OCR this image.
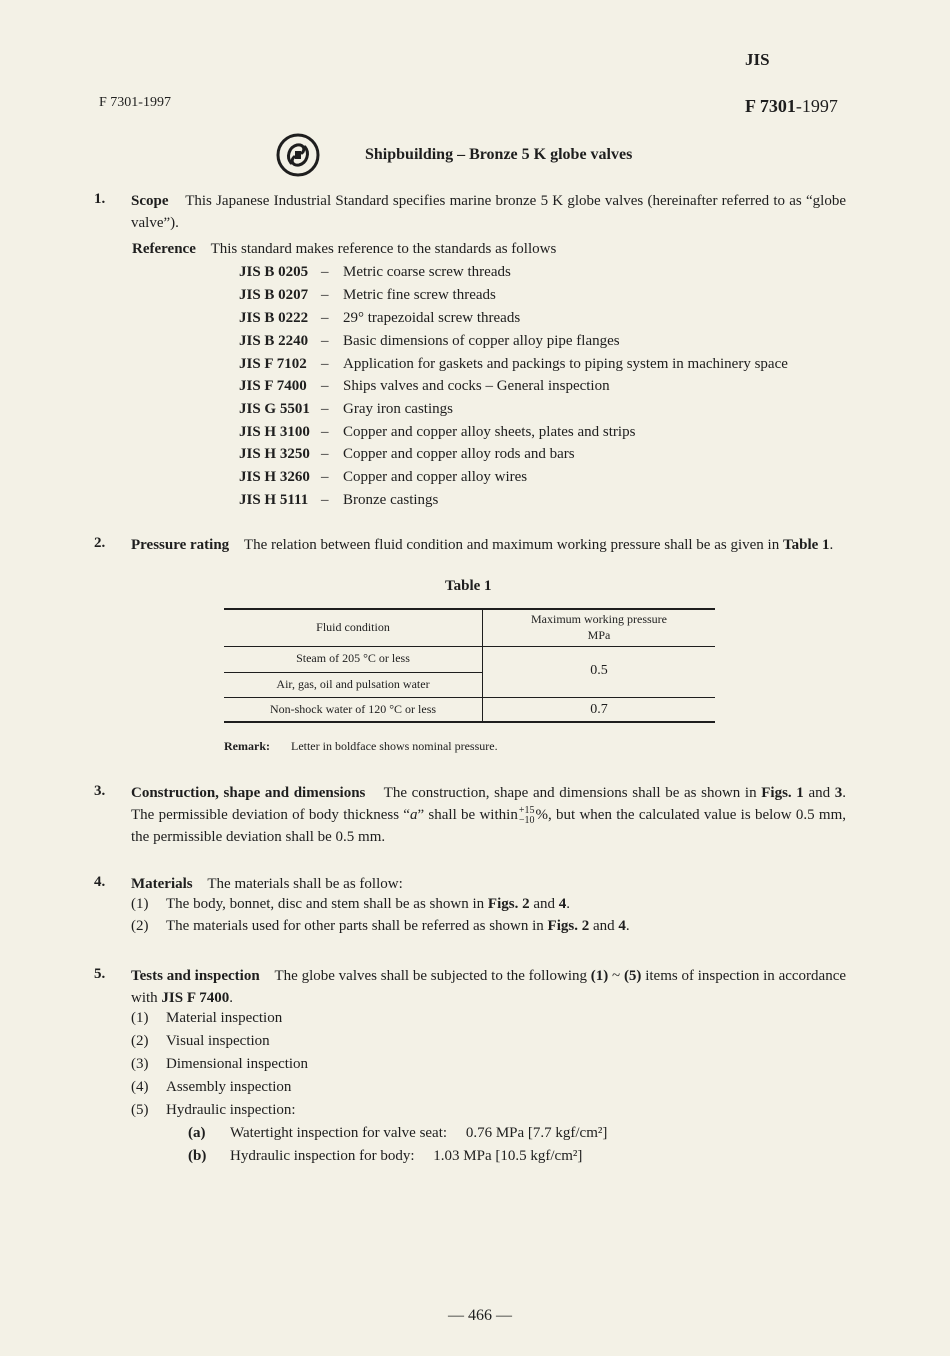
JIS
F 7301-1997	F 7301-1997
Shipbuilding – Bronze 5 K globe valves
1. Scope This Japanese Industrial Standard specifies marine bronze 5 K globe valves (hereinafter referred to as “globe valve”).
Reference This standard makes reference to the standards as follows
JIS B 0205 – Metric coarse screw threads
JIS B 0207 – Metric fine screw threads
JIS B 0222 – 29° trapezoidal screw threads
JIS B 2240 – Basic dimensions of copper alloy pipe flanges
JIS F 7102 – Application for gaskets and packings to piping system in machinery space
JIS F 7400 – Ships valves and cocks – General inspection
JIS G 5501 – Gray iron castings
JIS H 3100 – Copper and copper alloy sheets, plates and strips
JIS H 3250 – Copper and copper alloy rods and bars
JIS H 3260 – Copper and copper alloy wires
JIS H 5111 – Bronze castings
2. Pressure rating The relation between fluid condition and maximum working pressure shall be as given in Table 1.
Table 1
Fluid condition
Maximum working pressure
MPa
Steam of 205 °C or less
0.5
Air, gas, oil and pulsation water
Non-shock water of 120 °C or less	0.7
Remark: Letter in boldface shows nominal pressure.
3. Construction, shape and dimensions The construction, shape and dimensions shall be as shown in Figs. 1 and 3. The permissible deviation of body thickness “a” shall be within+15
−10%, but when the calculated value is below 0.5 mm, the permissible deviation shall be 0.5 mm.
4. Materials The materials shall be as follow:
(1) The body, bonnet, disc and stem shall be as shown in Figs. 2 and 4.
(2) The materials used for other parts shall be referred as shown in Figs. 2 and 4.
5. Tests and inspection The globe valves shall be subjected to the following (1) ~ (5) items of inspection in accordance with JIS F 7400.
(1) Material inspection
(2) Visual inspection
(3) Dimensional inspection
(4) Assembly inspection
(5) Hydraulic inspection:
(a) Watertight inspection for valve seat: 0.76 MPa [7.7 kgf/cm²]
(b) Hydraulic inspection for body: 1.03 MPa [10.5 kgf/cm²]
— 466 —
